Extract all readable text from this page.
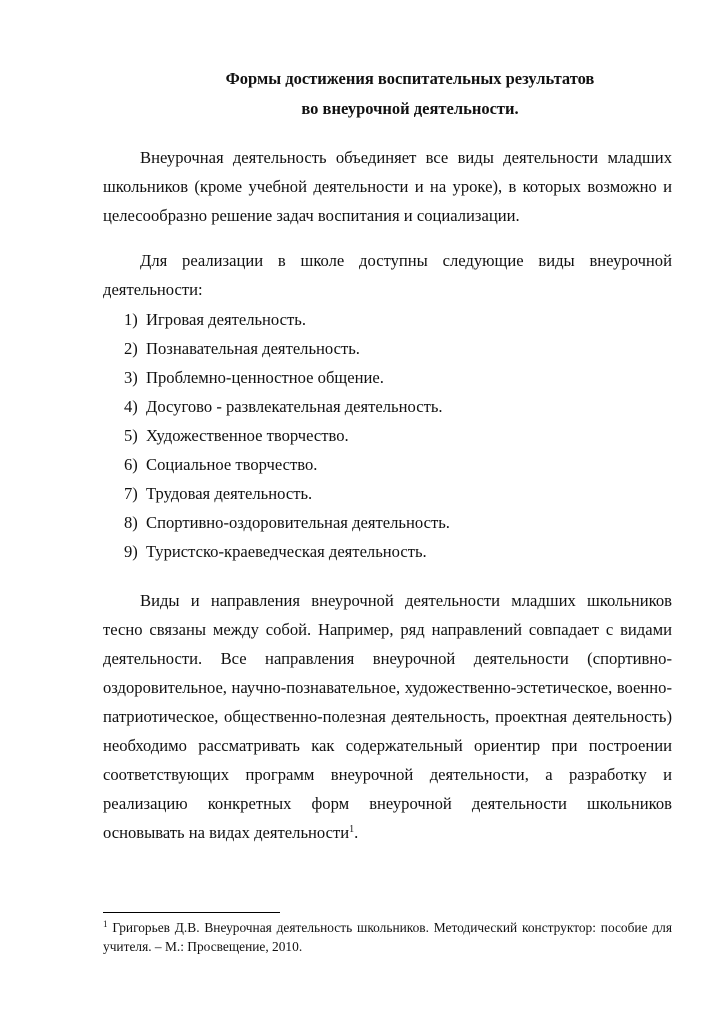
Формы достижения воспитательных результатов
во внеурочной деятельности.

Внеурочная деятельность объединяет все виды деятельности младших школьников (кроме учебной деятельности и на уроке), в которых возможно и целесообразно решение задач воспитания и социализации.

Для реализации в школе доступны следующие виды внеурочной деятельности:

1) Игровая деятельность.
2) Познавательная деятельность.
3) Проблемно-ценностное общение.
4) Досугово - развлекательная деятельность.
5) Художественное творчество.
6) Социальное творчество.
7) Трудовая деятельность.
8) Спортивно-оздоровительная деятельность.
9) Туристско-краеведческая деятельность.

Виды и направления внеурочной деятельности младших школьников тесно связаны между собой. Например, ряд направлений совпадает с видами деятельности. Все направления внеурочной деятельности (спортивно-оздоровительное, научно-познавательное, художественно-эстетическое, военно-патриотическое, общественно-полезная деятельность, проектная деятельность) необходимо рассматривать как содержательный ориентир при построении соответствующих программ внеурочной деятельности, а разработку и реализацию конкретных форм внеурочной деятельности школьников основывать на видах деятельности$^1$.

$^1$ Григорьев Д.В. Внеурочная деятельность школьников. Методический конструктор: пособие для учителя. – М.: Просвещение, 2010.
